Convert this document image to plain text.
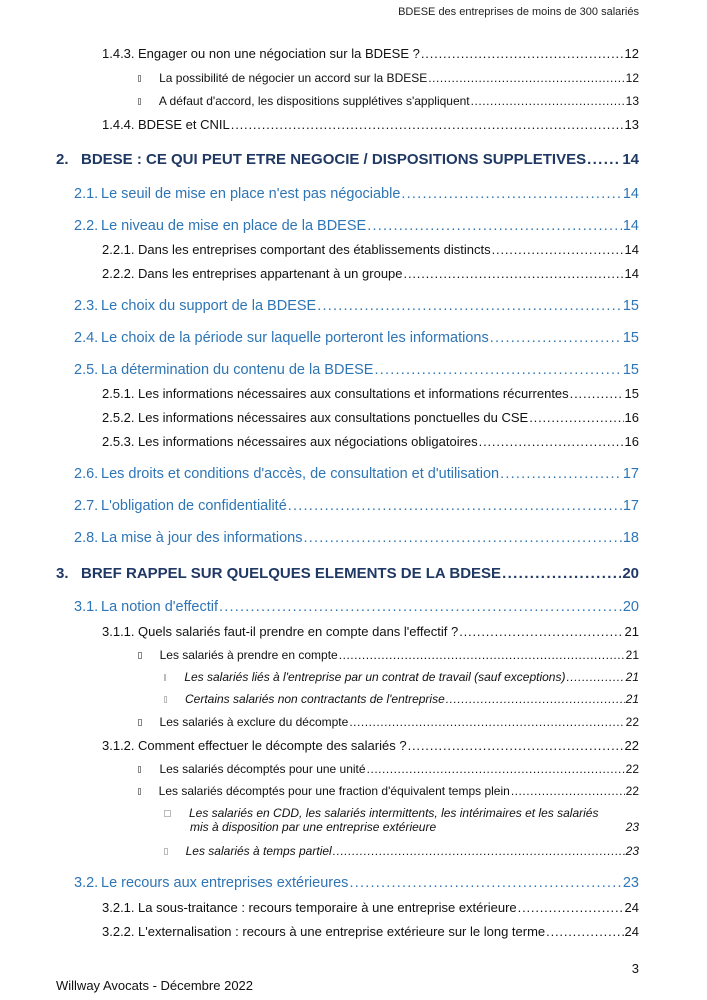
BDESE des entreprises de moins de 300 salariés
1.4.3. Engager ou non une négociation sur la BDESE ? . . .	12
La possibilité de négocier un accord sur la BDESE . . .	12
A défaut d'accord, les dispositions supplétives s'appliquent . . .	13
1.4.4. BDESE et CNIL . . .	13
2. BDESE : CE QUI PEUT ETRE NEGOCIE / DISPOSITIONS SUPPLETIVES . . . 14
2.1. Le seuil de mise en place n'est pas négociable . . .	14
2.2. Le niveau de mise en place de la BDESE . . .	14
2.2.1. Dans les entreprises comportant des établissements distincts . . .	14
2.2.2. Dans les entreprises appartenant à un groupe . . .	14
2.3. Le choix du support de la BDESE . . .	15
2.4. Le choix de la période sur laquelle porteront les informations . . .	15
2.5. La détermination du contenu de la BDESE . . .	15
2.5.1. Les informations nécessaires aux consultations et informations récurrentes . . .	15
2.5.2. Les informations nécessaires aux consultations ponctuelles du CSE . . .	16
2.5.3. Les informations nécessaires aux négociations obligatoires . . .	16
2.6. Les droits et conditions d'accès, de consultation et d'utilisation . . .	17
2.7. L'obligation de confidentialité . . .	17
2.8. La mise à jour des informations . . .	18
3. BREF RAPPEL SUR QUELQUES ELEMENTS DE LA BDESE . . .	20
3.1. La notion d'effectif . . .	20
3.1.1. Quels salariés faut-il prendre en compte dans l'effectif ? . . .	21
Les salariés à prendre en compte . . .	21
Les salariés liés à l'entreprise par un contrat de travail (sauf exceptions) . . .	21
Certains salariés non contractants de l'entreprise . . .	21
Les salariés à exclure du décompte . . .	22
3.1.2. Comment effectuer le décompte des salariés ? . . .	22
Les salariés décomptés pour une unité . . .	22
Les salariés décomptés pour une fraction d'équivalent temps plein . . .	22
Les salariés en CDD, les salariés intermittents, les intérimaires et les salariés
mis à disposition par une entreprise extérieure	23
Les salariés à temps partiel . . .	23
3.2. Le recours aux entreprises extérieures . . .	23
3.2.1. La sous-traitance : recours temporaire à une entreprise extérieure . . .	24
3.2.2. L'externalisation : recours à une entreprise extérieure sur le long terme . . .	24
3
Willway Avocats - Décembre 2022
